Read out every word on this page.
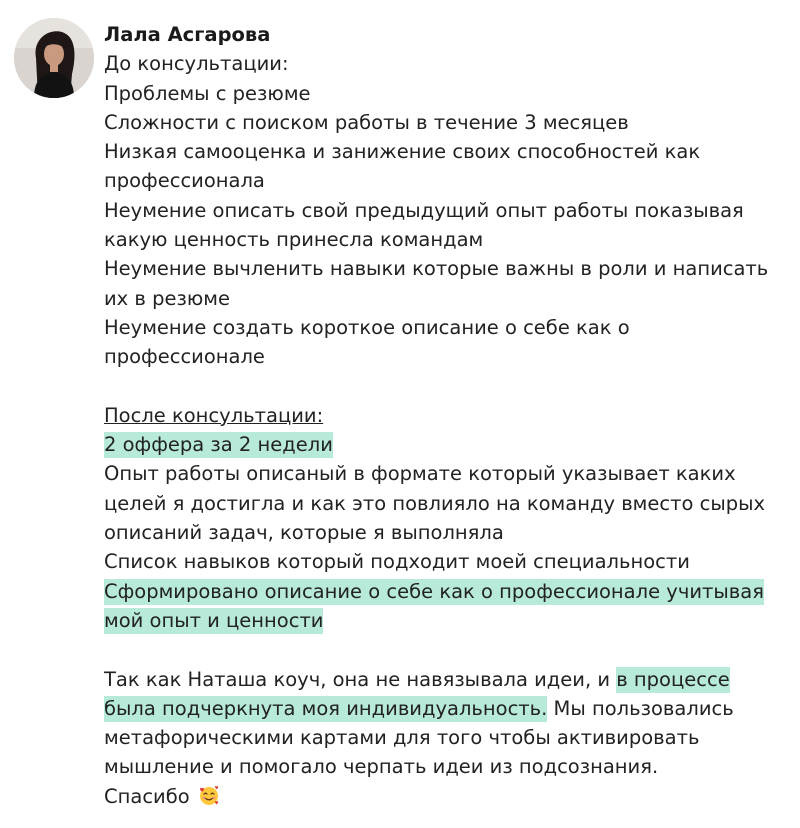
Лала Асгарова
До консультации:
Проблемы с резюме
Сложности с поиском работы в течение 3 месяцев
Низкая самооценка и занижение своих способностей как профессионала
Неумение описать свой предыдущий опыт работы показывая какую ценность принесла командам
Неумение вычленить навыки которые важны в роли и написать их в резюме
Неумение создать короткое описание о себе как о профессионале
После консультации:
2 оффера за 2 недели
Опыт работы описаный в формате который указывает каких целей я достигла и как это повлияло на команду вместо сырых описаний задач, которые я выполняла
Список навыков который подходит моей специальности
Сформировано описание о себе как о профессионале учитывая мой опыт и ценности
Так как Наташа коуч, она не навязывала идеи, и в процессе была подчеркнута моя индивидуальность. Мы пользовались метафорическими картами для того чтобы активировать мышление и помогало черпать идеи из подсознания.
Спасибо
